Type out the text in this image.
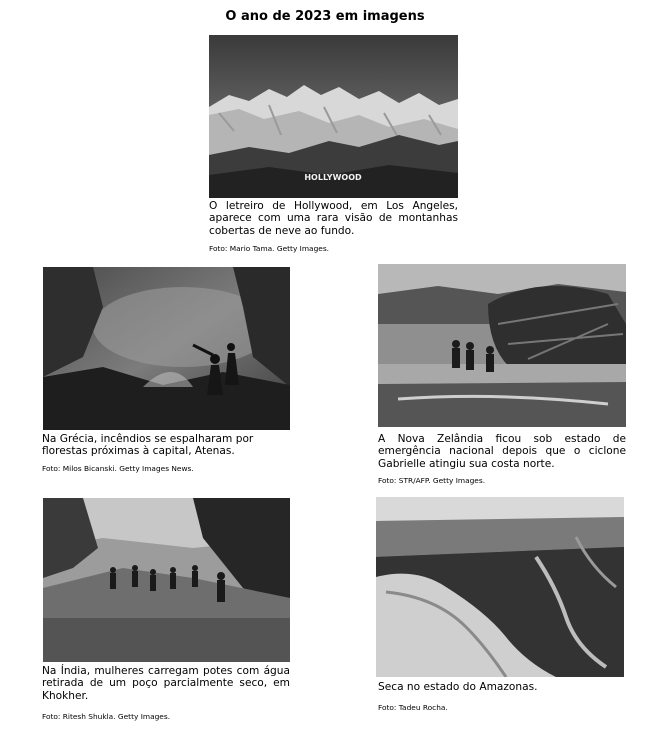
O ano de 2023 em imagens
HOLLYWOOD
O letreiro de Hollywood, em Los Angeles, aparece com uma rara visão de montanhas cobertas de neve ao fundo.
Foto: Mario Tama. Getty Images.
Na Grécia, incêndios se espalharam por florestas próximas à capital, Atenas.
Foto: Milos Bicanski. Getty Images News.
A Nova Zelândia ficou sob estado de emergência nacional depois que o ciclone Gabrielle atingiu sua costa norte.
Foto: STR/AFP. Getty Images.
Na Índia, mulheres carregam potes com água retirada de um poço parcialmente seco, em Khokher.
Foto: Ritesh Shukla. Getty Images.
Seca no estado do Amazonas.
Foto: Tadeu Rocha.
